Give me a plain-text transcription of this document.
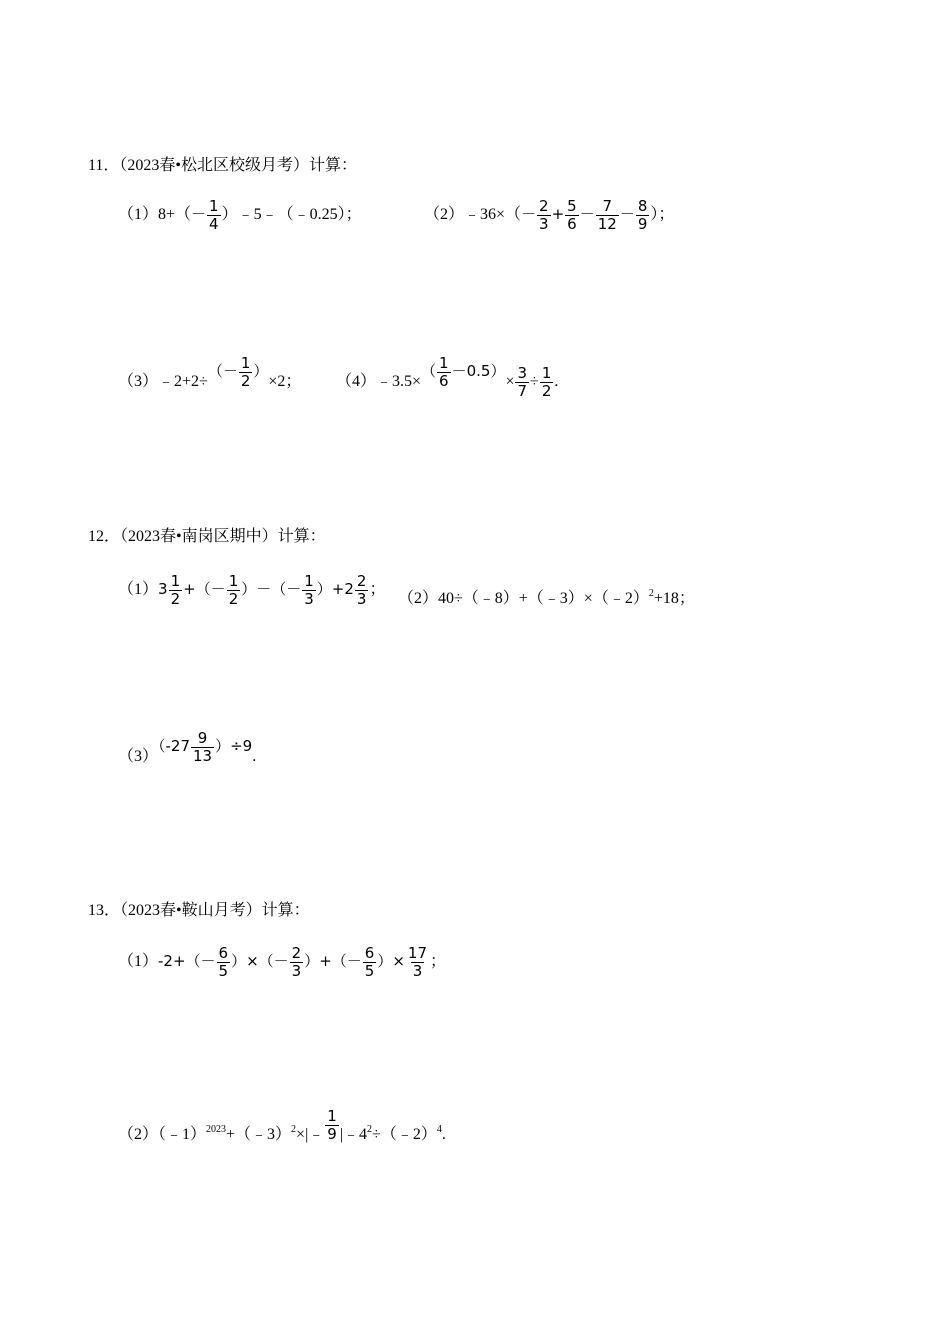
11．（2023春•松北区校级月考）计算：
$(1)8+(- \frac{1}{4}$ ）﹣5﹣（﹣0.25）；	（2）﹣36×（－ $\frac{2}{3} + \frac{5}{6} - \frac{7}{12} - \frac{8}{9}$ ）；
（3）﹣2+2÷（－ $\frac{1}{2} )\times 2$； （4）﹣3.5×（ $\frac{1}{6} -0.5)\times \frac{3}{7} \div \frac{1}{2}$ .
12．（2023春•南岗区期中）计算：
$(1)3 \frac{1}{2}$ +（－ $\frac{1}{2}$ ）－（－ $\frac{1}{3} )+2 \frac{2}{3}$ ；
（2）40÷（﹣8）+（﹣3）×（﹣2）$^2$+18；
$(3)(-27 \frac{9}{13} )\div 9$.
13．（2023春•鞍山月考）计算：
$(1)-2+(- \frac{6}{5}$ ）×（－ $\frac{2}{3}$ ）+（－ $\frac{6}{5}$ ）× $\frac{17}{3}$ ；
（2）（﹣1）$^{2023}$+（﹣3）$^2$×|﹣ $\frac{1}{9}$ $|﹣4^2\div(﹣2)^4$.
